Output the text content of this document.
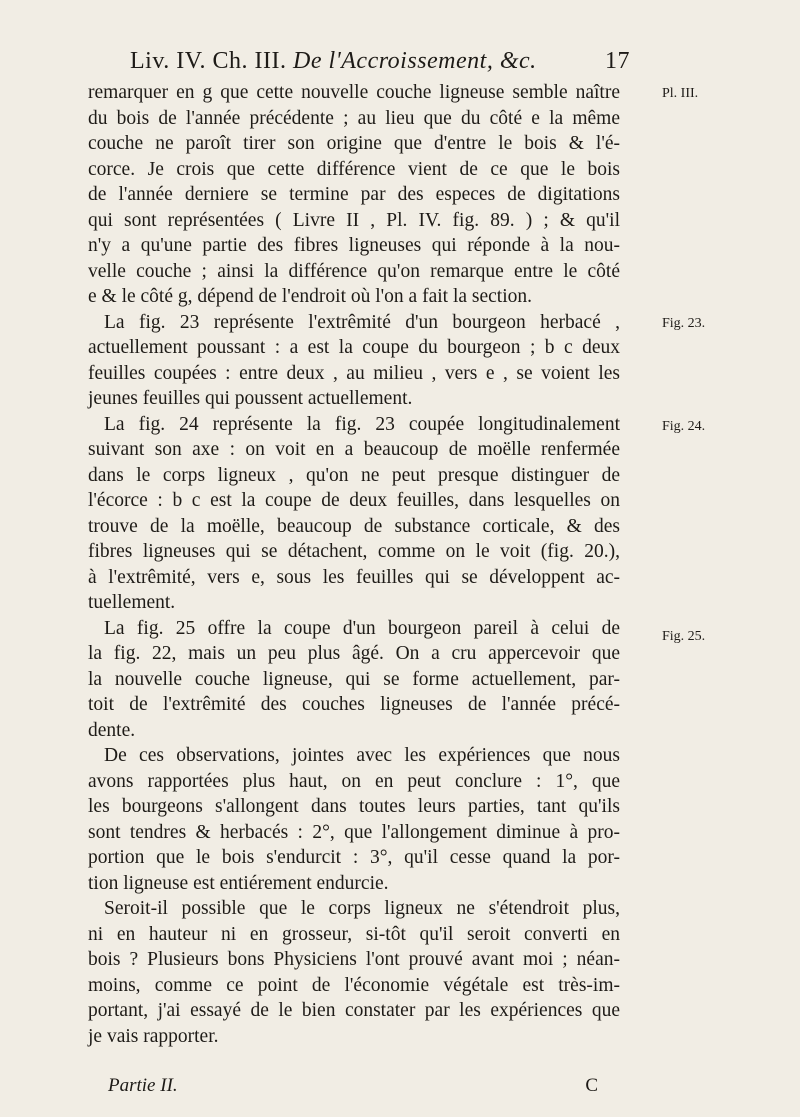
Liv. IV. Ch. III. De l'Accroissement, &c.	17
Pl. III.
Fig. 23.
Fig. 24.
Fig. 25.
remarquer en g que cette nouvelle couche ligneuse semble naître
du bois de l'année précédente ; au lieu que du côté e la même
couche ne paroît tirer son origine que d'entre le bois & l'é-
corce. Je crois que cette différence vient de ce que le bois
de l'année derniere se termine par des especes de digitations
qui sont représentées ( Livre II , Pl. IV. fig. 89. ) ; & qu'il
n'y a qu'une partie des fibres ligneuses qui réponde à la nou-
velle couche ; ainsi la différence qu'on remarque entre le côté
e & le côté g, dépend de l'endroit où l'on a fait la section.
La fig. 23 représente l'extrêmité d'un bourgeon herbacé ,
actuellement poussant : a est la coupe du bourgeon ; b c deux
feuilles coupées : entre deux , au milieu , vers e , se voient les
jeunes feuilles qui poussent actuellement.
La fig. 24 représente la fig. 23 coupée longitudinalement
suivant son axe : on voit en a beaucoup de moëlle renfermée
dans le corps ligneux , qu'on ne peut presque distinguer de
l'écorce : b c est la coupe de deux feuilles, dans lesquelles on
trouve de la moëlle, beaucoup de substance corticale, & des
fibres ligneuses qui se détachent, comme on le voit (fig. 20.),
à l'extrêmité, vers e, sous les feuilles qui se développent ac-
tuellement.
La fig. 25 offre la coupe d'un bourgeon pareil à celui de
la fig. 22, mais un peu plus âgé. On a cru appercevoir que
la nouvelle couche ligneuse, qui se forme actuellement, par-
toit de l'extrêmité des couches ligneuses de l'année précé-
dente.
De ces observations, jointes avec les expériences que nous
avons rapportées plus haut, on en peut conclure : 1°, que
les bourgeons s'allongent dans toutes leurs parties, tant qu'ils
sont tendres & herbacés : 2°, que l'allongement diminue à pro-
portion que le bois s'endurcit : 3°, qu'il cesse quand la por-
tion ligneuse est entiérement endurcie.
Seroit-il possible que le corps ligneux ne s'étendroit plus,
ni en hauteur ni en grosseur, si-tôt qu'il seroit converti en
bois ? Plusieurs bons Physiciens l'ont prouvé avant moi ; néan-
moins, comme ce point de l'économie végétale est très-im-
portant, j'ai essayé de le bien constater par les expériences que
je vais rapporter.
Partie II.	C
